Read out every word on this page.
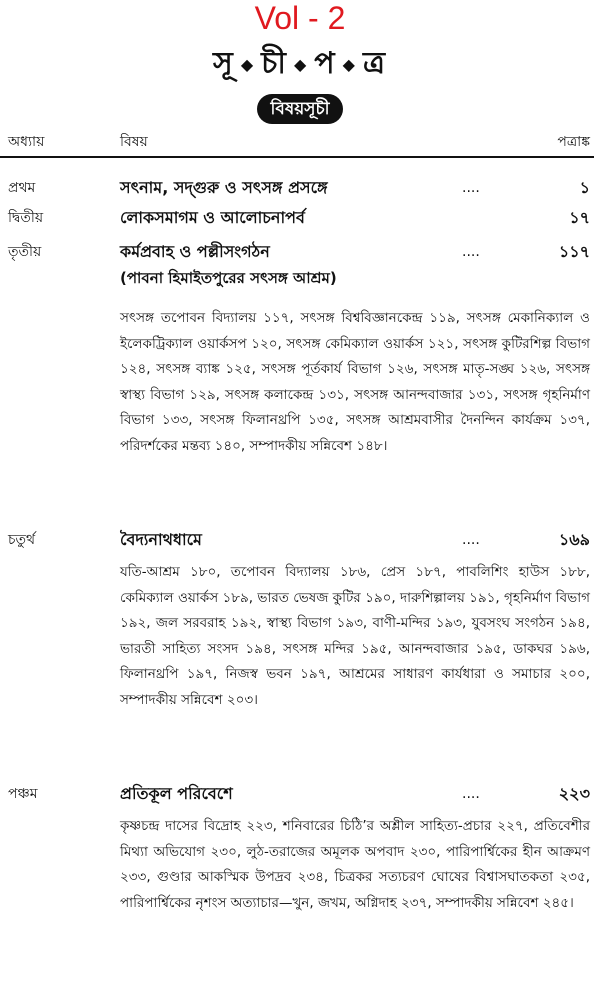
Vol - 2
সূ ◆ চী ◆ প ◆ ত্র
বিষয়সূচী
অধ্যায়	বিষয়	পত্রাঙ্ক
প্রথম	সৎনাম, সদ্‌গুরু ও সৎসঙ্গ প্রসঙ্গে	....	১
দ্বিতীয়	লোকসমাগম ও আলোচনাপর্ব	১৭
তৃতীয়	কর্মপ্রবাহ ও পল্লীসংগঠন	....	১১৭
(পাবনা হিমাইতপুরের সৎসঙ্গ আশ্রম)
সৎসঙ্গ তপোবন বিদ্যালয় ১১৭, সৎসঙ্গ বিশ্ববিজ্ঞানকেন্দ্র ১১৯, সৎসঙ্গ মেকানিক্যাল ও ইলেকট্রিক্যাল ওয়ার্কসপ ১২০, সৎসঙ্গ কেমিক্যাল ওয়ার্কস ১২১, সৎসঙ্গ কুটিরশিল্প বিভাগ ১২৪, সৎসঙ্গ ব্যাঙ্ক ১২৫, সৎসঙ্গ পূর্তকার্য বিভাগ ১২৬, সৎসঙ্গ মাতৃ-সঙ্ঘ ১২৬, সৎসঙ্গ স্বাস্থ্য বিভাগ ১২৯, সৎসঙ্গ কলাকেন্দ্র ১৩১, সৎসঙ্গ আনন্দবাজার ১৩১, সৎসঙ্গ গৃহনির্মাণ বিভাগ ১৩৩, সৎসঙ্গ ফিলানথ্রপি ১৩৫, সৎসঙ্গ আশ্রমবাসীর দৈনন্দিন কার্যক্রম ১৩৭, পরিদর্শকের মন্তব্য ১৪০, সম্পাদকীয় সন্নিবেশ ১৪৮।
চতুর্থ	বৈদ্যনাথধামে	....	১৬৯
যতি-আশ্রম ১৮০, তপোবন বিদ্যালয় ১৮৬, প্রেস ১৮৭, পাবলিশিং হাউস ১৮৮, কেমিক্যাল ওয়ার্কস ১৮৯, ভারত ভেষজ কুটির ১৯০, দারুশিল্পালয় ১৯১, গৃহনির্মাণ বিভাগ ১৯২, জল সরবরাহ ১৯২, স্বাস্থ্য বিভাগ ১৯৩, বাণী-মন্দির ১৯৩, যুবসংঘ সংগঠন ১৯৪, ভারতী সাহিত্য সংসদ ১৯৪, সৎসঙ্গ মন্দির ১৯৫, আনন্দবাজার ১৯৫, ডাকঘর ১৯৬, ফিলানথ্রপি ১৯৭, নিজস্ব ভবন ১৯৭, আশ্রমের সাধারণ কার্যধারা ও সমাচার ২০০, সম্পাদকীয় সন্নিবেশ ২০৩।
পঞ্চম	প্রতিকূল পরিবেশে	....	২২৩
কৃষ্ণচন্দ্র দাসের বিদ্রোহ ২২৩, শনিবারের চিঠি’র অশ্লীল সাহিত্য-প্রচার ২২৭, প্রতিবেশীর মিথ্যা অভিযোগ ২৩০, লুঠ-তরাজের অমূলক অপবাদ ২৩০, পারিপার্শ্বিকের হীন আক্রমণ ২৩৩, গুণ্ডার আকস্মিক উপদ্রব ২৩৪, চিত্রকর সত্যচরণ ঘোষের বিশ্বাসঘাতকতা ২৩৫, পারিপার্শ্বিকের নৃশংস অত্যাচার—খুন, জখম, অগ্নিদাহ ২৩৭, সম্পাদকীয় সন্নিবেশ ২৪৫।
